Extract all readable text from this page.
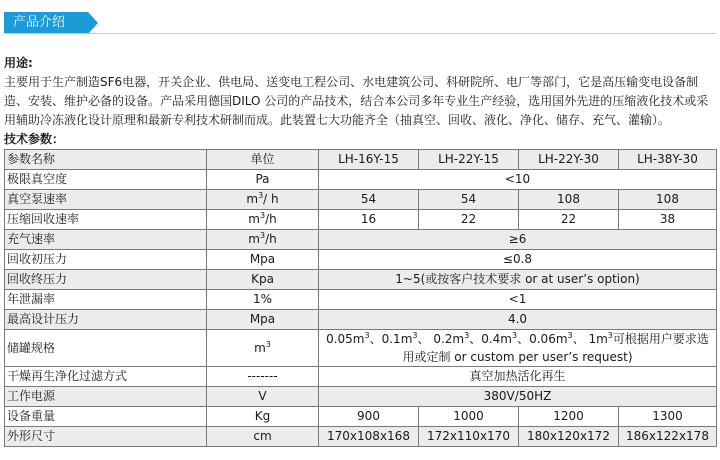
产品介绍
用途:
主要用于生产制造SF6电器，开关企业、供电局、送变电工程公司、水电建筑公司、科研院所、电厂等部门，它是高压输变电设备制造、安装、维护必备的设备。产品采用德国DILO 公司的产品技术，结合本公司多年专业生产经验，选用国外先进的压缩液化技术或采用辅助冷冻液化设计原理和最新专利技术研制而成。此装置七大功能齐全（抽真空、回收、液化、净化、储存、充气、灌输）。
技术参数：
参数名称	单位	LH-16Y-15	LH-22Y-15	LH-22Y-30	LH-38Y-30
极限真空度	Pa	<10			
真空泵速率	$m^3/$ h	54	54	108	108
压缩回收速率	$m^3/h$	16	22	22	38
充气速率	$m^3/h$	≥6			
回收初压力	Mpa	≤0.8			
回收终压力	Kpa	1~5(或按客户技术要求 or at user’s option)			
年泄漏率	1%	<1			
最高设计压力	Mpa	4.0			
储罐规格	$m^3$	$0.05m^3$、$0.1m^3$、 $0.2m^3$、$0.4m^3$、$0.06m^3$、 $1m^3$可根据用户要求选用或定制 or custom per user’s request)			
干燥再生净化过滤方式	-------	真空加热活化再生			
工作电源	V	380V/50HZ			
设备重量	Kg	900	1000	1200	1300
外形尺寸	cm	170x108x168	172x110x170	180x120x172	186x122x178
